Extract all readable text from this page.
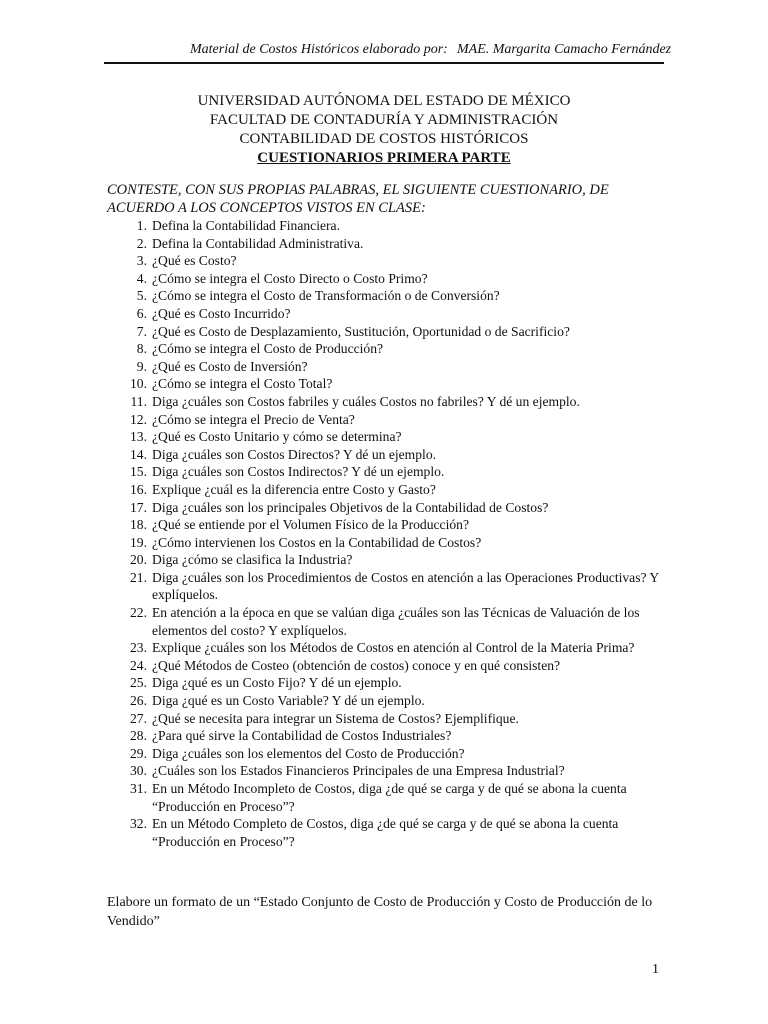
Material de Costos Históricos elaborado por: MAE. Margarita Camacho Fernández
UNIVERSIDAD AUTÓNOMA DEL ESTADO DE MÉXICO
FACULTAD DE CONTADURÍA Y ADMINISTRACIÓN
CONTABILIDAD DE COSTOS HISTÓRICOS
CUESTIONARIOS PRIMERA PARTE
CONTESTE, CON SUS PROPIAS PALABRAS, EL SIGUIENTE CUESTIONARIO, DE ACUERDO A LOS CONCEPTOS VISTOS EN CLASE:
1. Defina la Contabilidad Financiera.
2. Defina la Contabilidad Administrativa.
3. ¿Qué es Costo?
4. ¿Cómo se integra el Costo Directo o Costo Primo?
5. ¿Cómo se integra el Costo de Transformación o de Conversión?
6. ¿Qué es Costo Incurrido?
7. ¿Qué es Costo de Desplazamiento, Sustitución, Oportunidad o de Sacrificio?
8. ¿Cómo se integra el Costo de Producción?
9. ¿Qué es Costo de Inversión?
10. ¿Cómo se integra el Costo Total?
11. Diga ¿cuáles son Costos fabriles y cuáles Costos no fabriles? Y dé un ejemplo.
12. ¿Cómo se integra el Precio de Venta?
13. ¿Qué es Costo Unitario y cómo se determina?
14. Diga ¿cuáles son Costos Directos? Y dé un ejemplo.
15. Diga ¿cuáles son Costos Indirectos? Y dé un ejemplo.
16. Explique ¿cuál es la diferencia entre Costo y Gasto?
17. Diga ¿cuáles son los principales Objetivos de la Contabilidad de Costos?
18. ¿Qué se entiende por el Volumen Físico de la Producción?
19. ¿Cómo intervienen los Costos en la Contabilidad de Costos?
20. Diga ¿cómo se clasifica la Industria?
21. Diga ¿cuáles son los Procedimientos de Costos en atención a las Operaciones Productivas? Y explíquelos.
22. En atención a la época en que se valúan diga ¿cuáles son las Técnicas de Valuación de los elementos del costo? Y explíquelos.
23. Explique ¿cuáles son los Métodos de Costos en atención al Control de la Materia Prima?
24. ¿Qué Métodos de Costeo (obtención de costos) conoce y en qué consisten?
25. Diga ¿qué es un Costo Fijo? Y dé un ejemplo.
26. Diga ¿qué es un Costo Variable? Y dé un ejemplo.
27. ¿Qué se necesita para integrar un Sistema de Costos? Ejemplifique.
28. ¿Para qué sirve la Contabilidad de Costos Industriales?
29. Diga ¿cuáles son los elementos del Costo de Producción?
30. ¿Cuáles son los Estados Financieros Principales de una Empresa Industrial?
31. En un Método Incompleto de Costos, diga ¿de qué se carga y de qué se abona la cuenta “Producción en Proceso”?
32. En un Método Completo de Costos, diga ¿de qué se carga y de qué se abona la cuenta “Producción en Proceso”?
Elabore un formato de un “Estado Conjunto de Costo de Producción y Costo de Producción de lo Vendido”
1
